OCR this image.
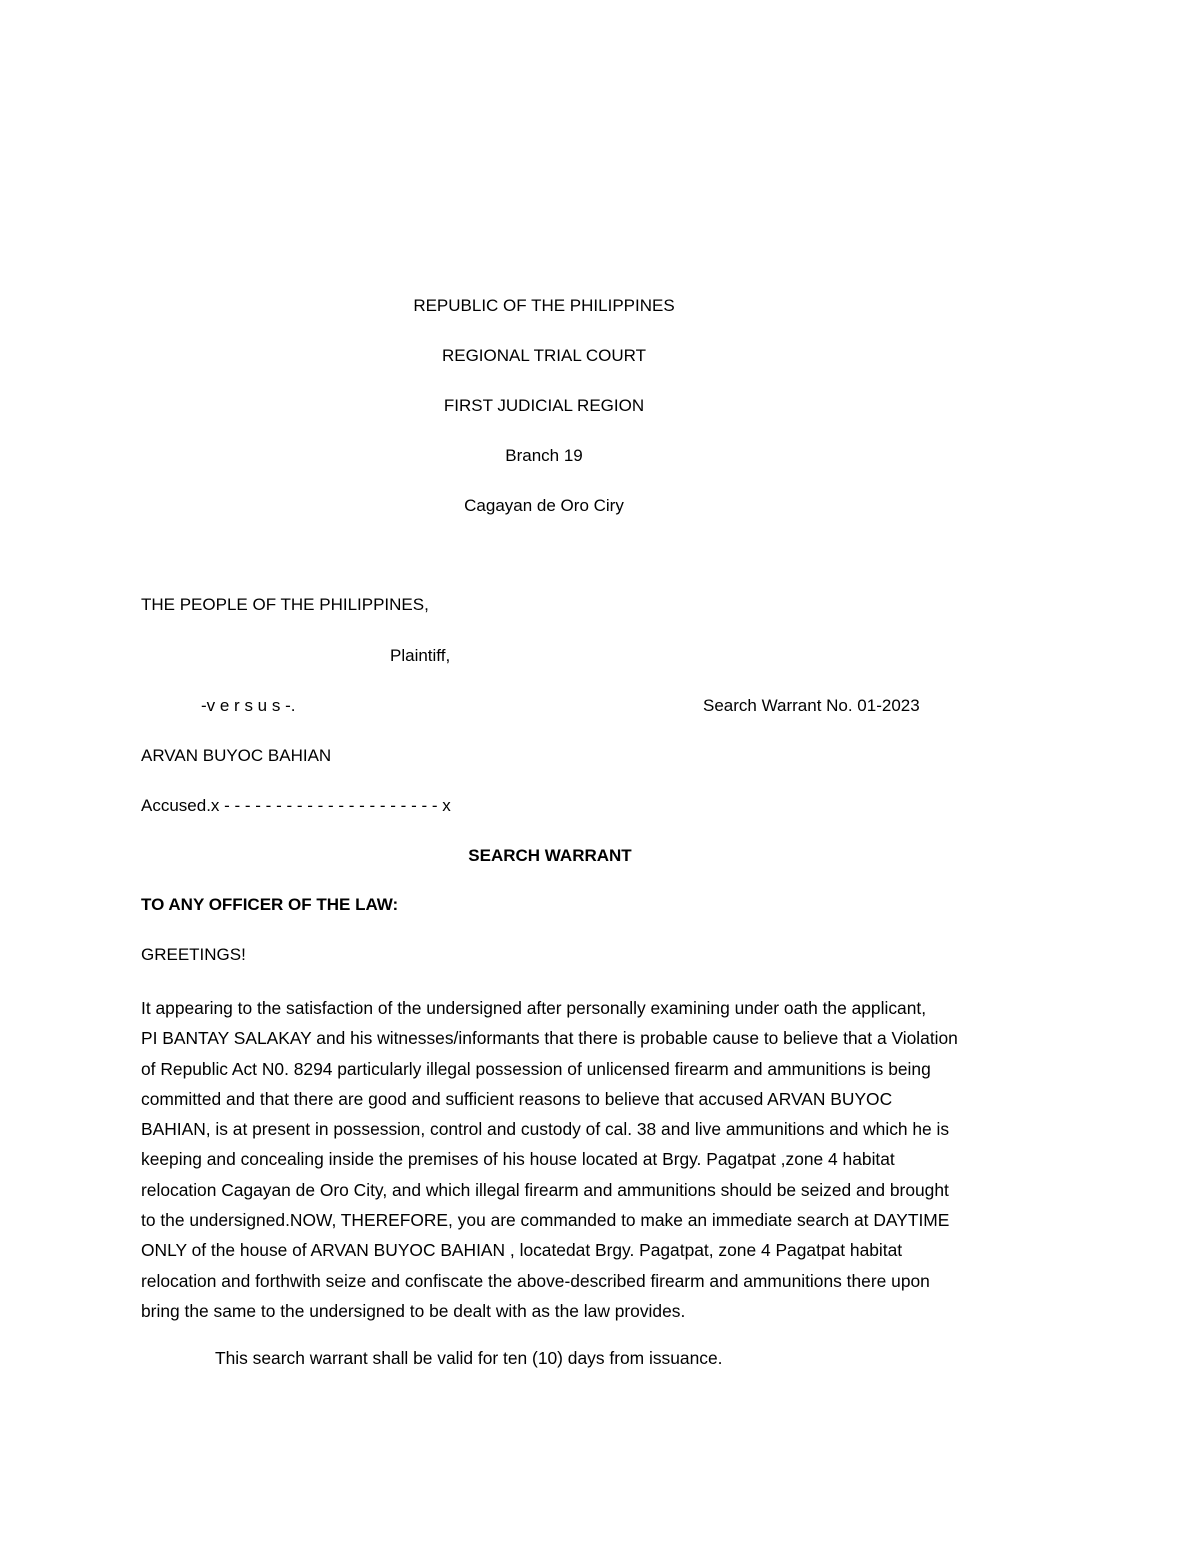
REPUBLIC OF THE PHILIPPINES
REGIONAL TRIAL COURT
FIRST JUDICIAL REGION
Branch 19
Cagayan de Oro Ciry
THE PEOPLE OF THE PHILIPPINES,
Plaintiff,
-v e r s u s -.	Search Warrant No. 01-2023
ARVAN BUYOC BAHIAN
Accused.x - - - - - - - - - - - - - - - - - - - - - x
SEARCH WARRANT
TO ANY OFFICER OF THE LAW:
GREETINGS!
It appearing to the satisfaction of the undersigned after personally examining under oath the applicant,
PI BANTAY SALAKAY and his witnesses/informants that there is probable cause to believe that a Violation
of Republic Act N0. 8294 particularly illegal possession of unlicensed firearm and ammunitions is being
committed and that there are good and sufficient reasons to believe that accused ARVAN BUYOC
BAHIAN, is at present in possession, control and custody of cal. 38 and live ammunitions and which he is
keeping and concealing inside the premises of his house located at Brgy. Pagatpat ,zone 4 habitat
relocation Cagayan de Oro City, and which illegal firearm and ammunitions should be seized and brought
to the undersigned.NOW, THEREFORE, you are commanded to make an immediate search at DAYTIME
ONLY of the house of ARVAN BUYOC BAHIAN , locatedat Brgy. Pagatpat, zone 4 Pagatpat habitat
relocation and forthwith seize and confiscate the above-described firearm and ammunitions there upon
bring the same to the undersigned to be dealt with as the law provides.
This search warrant shall be valid for ten (10) days from issuance.
